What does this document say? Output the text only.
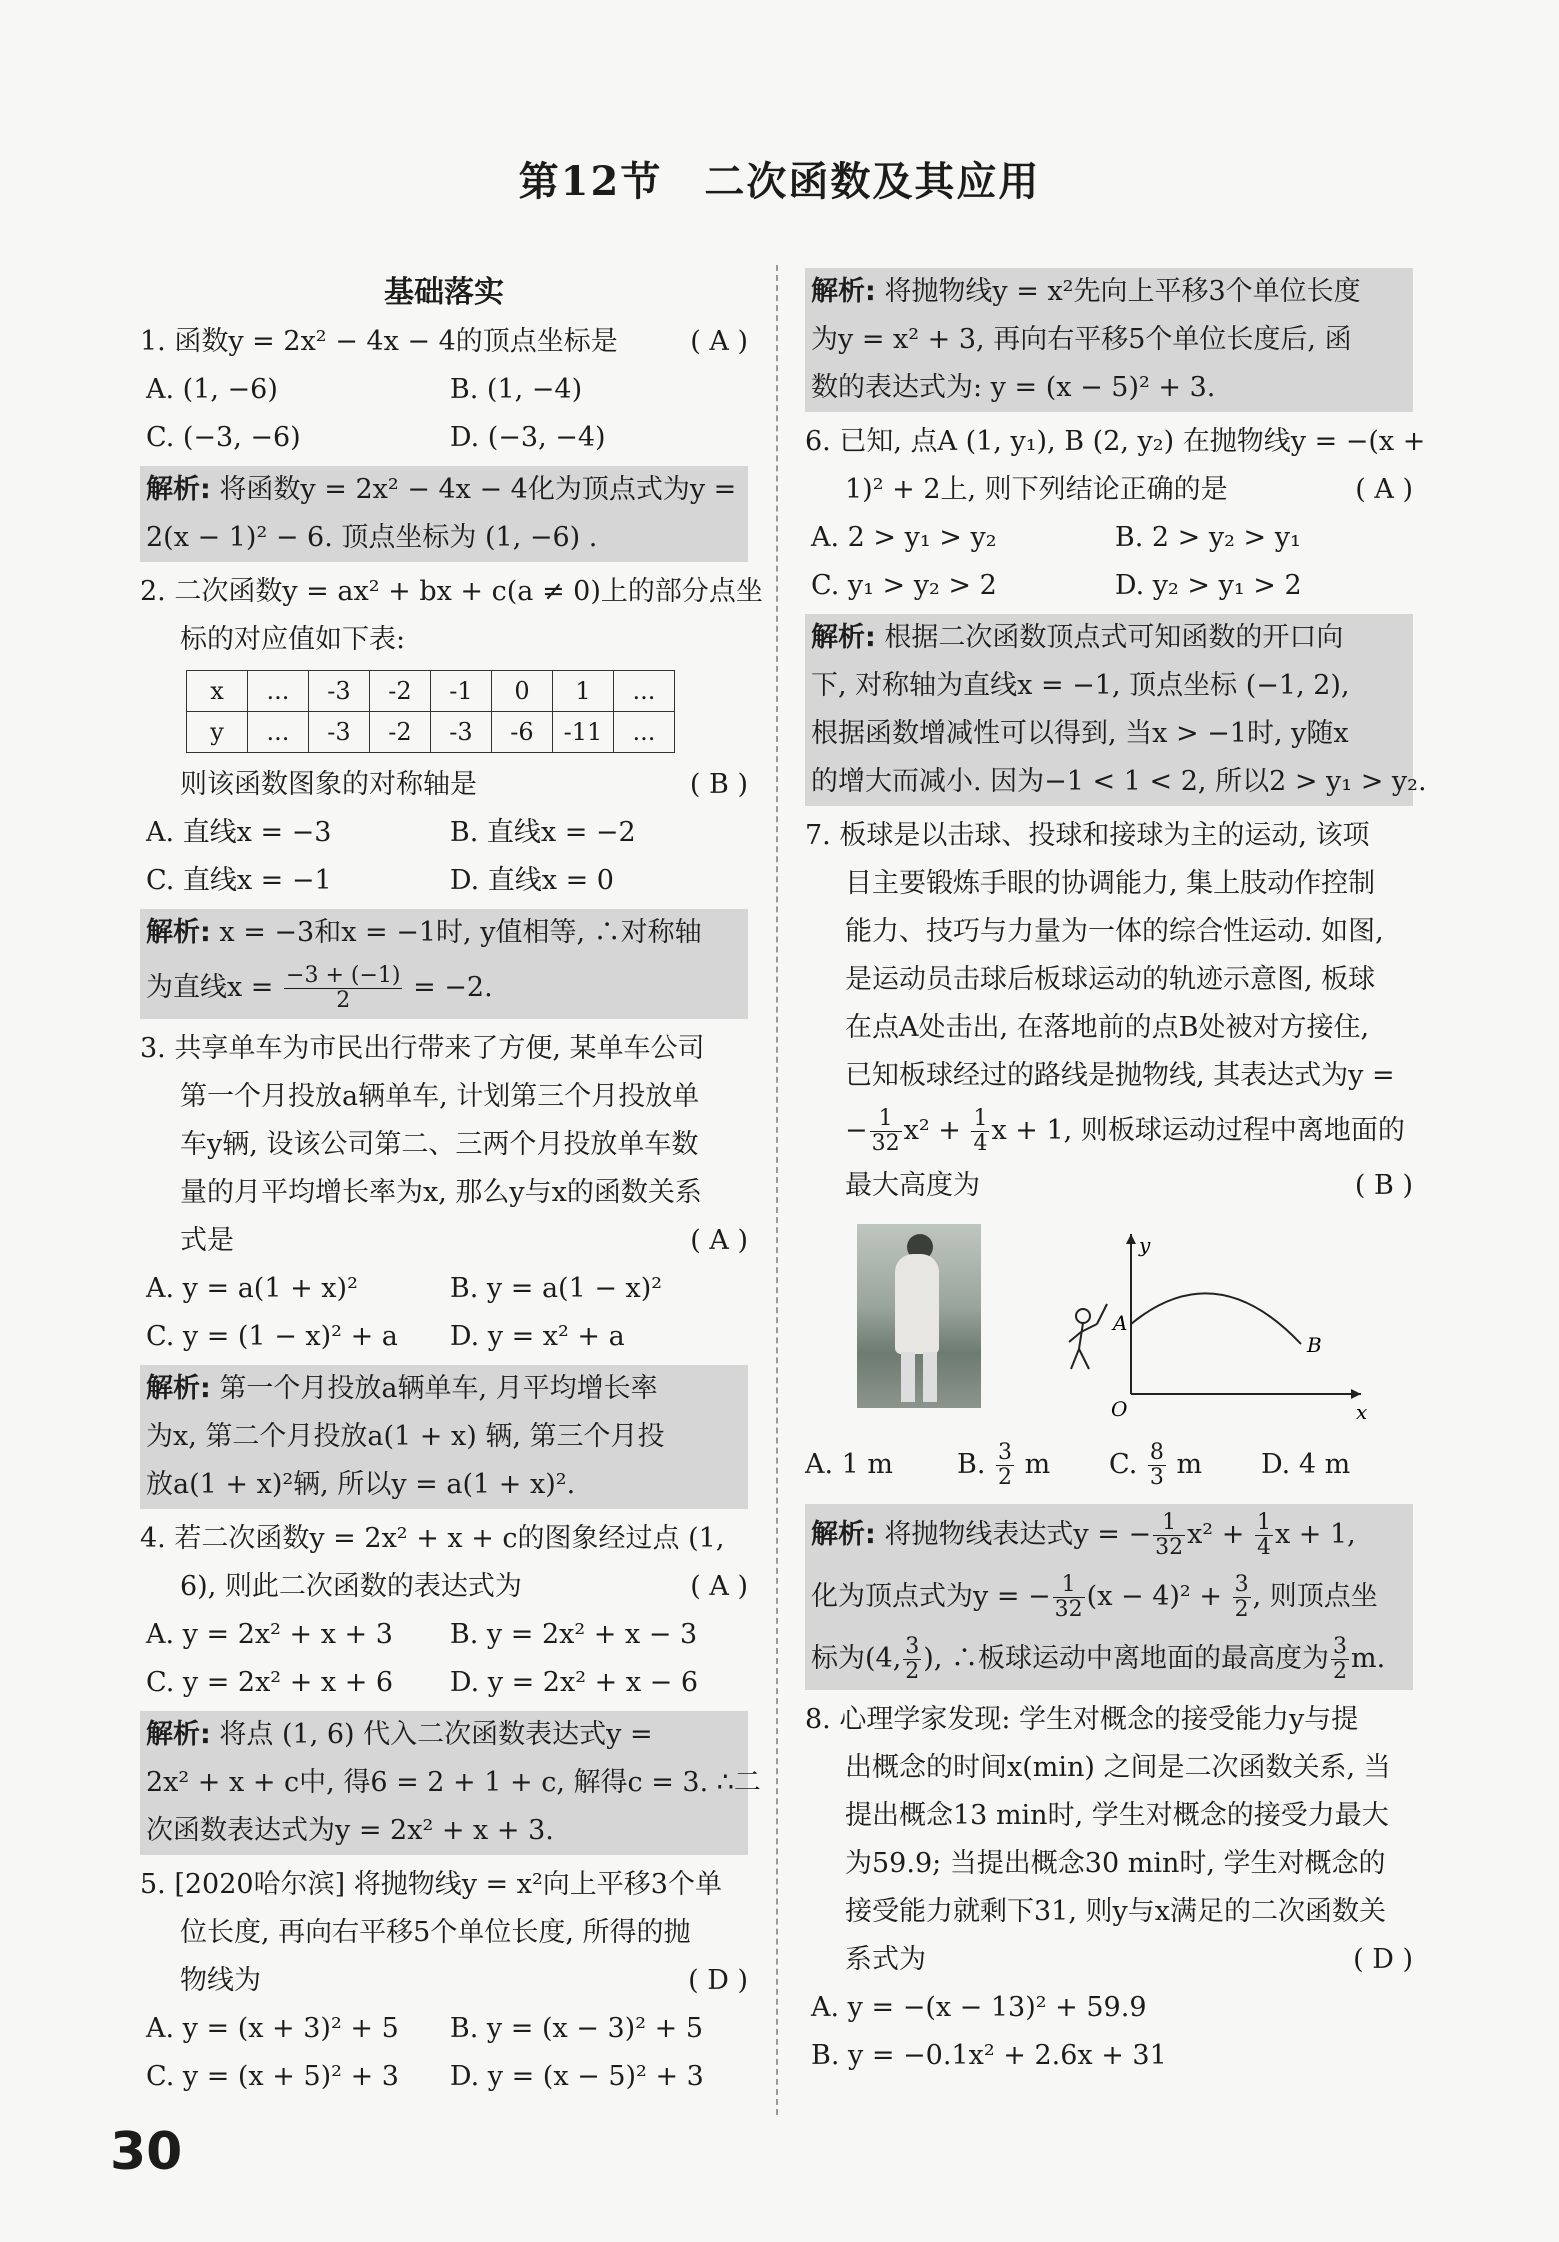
第12节　二次函数及其应用
基础落实
1. 函数y = 2x² − 4x − 4的顶点坐标是	( A )
A. (1, −6)	B. (1, −4)
C. (−3, −6)	D. (−3, −4)
解析: 将函数y = 2x² − 4x − 4化为顶点式为y =
2(x − 1)² − 6. 顶点坐标为 (1, −6) .
2. 二次函数y = ax² + bx + c(a ≠ 0)上的部分点坐
标的对应值如下表:
x	...	-3	-2	-1	0	1	...
y	...	-3	-2	-3	-6	-11	...
则该函数图象的对称轴是	( B )
A. 直线x = −3	B. 直线x = −2
C. 直线x = −1	D. 直线x = 0
解析: x = −3和x = −1时, y值相等, ∴对称轴
为直线$x = \frac{-3 + (-1)}{2} = -2$.
3. 共享单车为市民出行带来了方便, 某单车公司
第一个月投放a辆单车, 计划第三个月投放单
车y辆, 设该公司第二、三两个月投放单车数
量的月平均增长率为x, 那么y与x的函数关系
式是	( A )
A. y = a(1 + x)²	B. y = a(1 − x)²
C. y = (1 − x)² + a	D. y = x² + a
解析: 第一个月投放a辆单车, 月平均增长率
为x, 第二个月投放a(1 + x) 辆, 第三个月投
放a(1 + x)²辆, 所以y = a(1 + x)².
4. 若二次函数y = 2x² + x + c的图象经过点 (1,
6), 则此二次函数的表达式为	( A )
A. y = 2x² + x + 3	B. y = 2x² + x − 3
C. y = 2x² + x + 6	D. y = 2x² + x − 6
解析: 将点 (1, 6) 代入二次函数表达式y =
2x² + x + c中, 得6 = 2 + 1 + c, 解得c = 3. ∴二
次函数表达式为y = 2x² + x + 3.
5. [2020哈尔滨] 将抛物线y = x²向上平移3个单
位长度, 再向右平移5个单位长度, 所得的抛
物线为	( D )
A. y = (x + 3)² + 5	B. y = (x − 3)² + 5
C. y = (x + 5)² + 3	D. y = (x − 5)² + 3
解析: 将抛物线y = x²先向上平移3个单位长度
为y = x² + 3, 再向右平移5个单位长度后, 函
数的表达式为: y = (x − 5)² + 3.
6. 已知, 点A (1, y₁), B (2, y₂) 在抛物线y = −(x +
1)² + 2上, 则下列结论正确的是	( A )
A. 2 > y₁ > y₂	B. 2 > y₂ > y₁
C. y₁ > y₂ > 2	D. y₂ > y₁ > 2
解析: 根据二次函数顶点式可知函数的开口向
下, 对称轴为直线x = −1, 顶点坐标 (−1, 2),
根据函数增减性可以得到, 当x > −1时, y随x
的增大而减小. 因为−1 < 1 < 2, 所以2 > y₁ > y₂.
7. 板球是以击球、投球和接球为主的运动, 该项
目主要锻炼手眼的协调能力, 集上肢动作控制
能力、技巧与力量为一体的综合性运动. 如图,
是运动员击球后板球运动的轨迹示意图, 板球
在点A处击出, 在落地前的点B处被对方接住,
已知板球经过的路线是抛物线, 其表达式为y =
− $\frac{1}{32} x^2 + \frac{1}{4}$ x + 1, 则板球运动过程中离地面的
最大高度为	( B )
y
x
O
A
B
A. 1 m	B. $\frac{3}{2}$ m	C. $\frac{8}{3}$ m	D. 4 m
解析: 将抛物线表达式y = − $\frac{1}{32} x^2 + \frac{1}{4}$ x + 1,
化为顶点式为y = − $\frac{1}{32} (x - 4)^2 + \frac{3}{2}$ , 则顶点坐
标为(4, $\frac{3}{2}$ ), ∴板球运动中离地面的最高度为 $\frac{3}{2} m$.
8. 心理学家发现: 学生对概念的接受能力y与提
出概念的时间x(min) 之间是二次函数关系, 当
提出概念13 min时, 学生对概念的接受力最大
为59.9; 当提出概念30 min时, 学生对概念的
接受能力就剩下31, 则y与x满足的二次函数关
系式为	( D )
A. y = −(x − 13)² + 59.9
B. y = −0.1x² + 2.6x + 31
30
